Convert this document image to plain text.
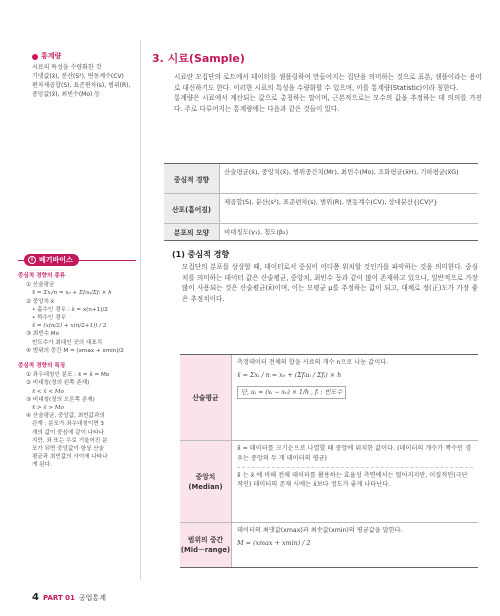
통계량

시료의 특성을 수량화한 것

기댓값(x̄), 분산(S²), 변동계수(CV)

편차제곱합(S), 표준편차(s), 범위(R),

중앙값(x̃), 최빈수(Mo) 등

i 베기바이스
중심적 경향의 종류
① 산술평균
x̄ = Σxᵢ/n = x₀ + Σfᵢuᵢ/Σfᵢ × h
② 중앙치 x̃
• 홀수인 경우 : x̃ = x(n+1)/2
• 짝수인 경우
x̃ = (x(n/2) + x(n/2+1)) / 2
③ 최빈수 Mo
빈도수가 최대인 곳의 대표치
④ 범위의 중간 M = (xmax + xmin)/2
중심적 경향의 특징
① 좌우대칭인 분포 : x̄ = x̃ = Mo
② 비대칭(정의 왼쪽 존재)
x̄ < x̃ < Mo
③ 비대칭(정의 오른쪽 존재)
x̄ > x̃ > Mo
④ 산술평균, 중앙값, 최빈값과의
관계 : 분포가 좌우대칭이면 3
개의 값이 중심에 같이 나타나
지만, 좌 또는 우로 기울어진 분
포가 되면 중앙값이 항상 산술
평균과 최빈값의 사이에 나타나
게 된다.
3. 시료(Sample)
시료란 모집단의 로트에서 데이터를 샘플링하여 만들어지는 집단을 의미하는 것으로 표본, 샘플이라는 용어로 대신하기도 한다. 이러한 시료의 특성을 수량화할 수 있으며, 이를 통계량(Statistic)이라 칭한다.
통계량은 시료에서 계산되는 값으로 총칭하는 말이며, 근본적으로는 모수의 값을 추정하는 데 의의를 가진다. 주로 다루어지는 통계량에는 다음과 같은 것들이 있다.
중심적 경향
산술평균(x̄), 중앙치(x̃), 범위중간치(Mr), 최빈수(Mo), 조화평균(x̄H), 기하평균(x̄G)
산포(흩어짐)
제곱합(S), 분산(s²), 표준편차(s), 범위(R), 변동계수(CV), 상대분산{(CV)²}
분포의 모양	비대칭도(γ₁), 첨도(β₂)
(1) 중심적 경향
모집단의 분포를 상상할 때, 데이터로서 중심이 어디쯤 위치할 것인가를 파악하는 것을 의미한다. 중심치를 의미하는 데이터 값은 산술평균, 중앙치, 최빈수 등과 같이 많이 존재하고 있으나, 일반적으로 가장 많이 사용되는 것은 산술평균(x̄)이며, 이는 모평균 μ를 추정하는 값이 되고, 대체로 정(正)도가 가장 좋은 추정치이다.
산술평균
측정데이터 전체의 합을 시료의 개수 n으로 나눈 값이다.
x̄ = Σxᵢ / n = x₀ + (Σfᵢuᵢ / Σfᵢ) × h
단, uᵢ = (xᵢ − x₀) × 1/h , fᵢ : 빈도수
중앙치
(Median)
x̃ = 데이터를 크기순으로 나열할 때 중앙에 위치한 값이다. (데이터의 개수가 짝수인 경우는 중앙의 두 개 데이터의 평균)
x̃ 는 x̄ 에 비해 전체 데이터를 활용하는 효율성 측면에서는 떨어지지만, 이질적인(극단적인) 데이터의 존재 시에는 x̄보다 정도가 좋게 나타난다.
범위의 중간
(Mid－range)
데이터의 최댓값(xmax)과 최솟값(xmin)의 평균값을 말한다.
M = (xmax + xmin) / 2
4 PART 01 공업통계
